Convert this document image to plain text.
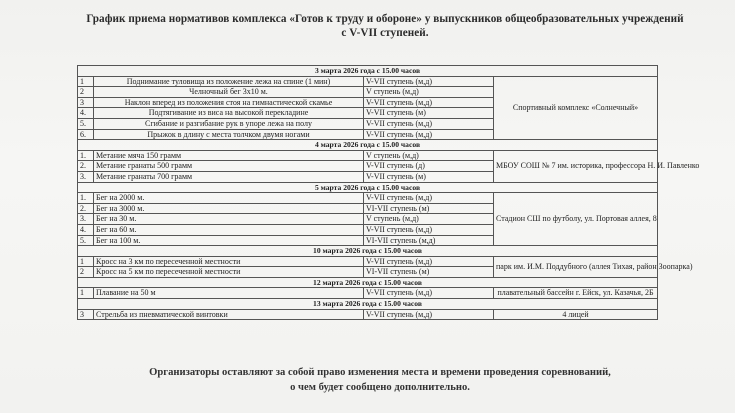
График приема нормативов комплекса «Готов к труду и обороне» у выпускников общеобразовательных учреждений
с V-VII ступеней.
3 марта 2026 года с 15.00 часов			
1	Поднимание туловища из положение лежа на спине (1 мин)	V-VII ступень (м,д)	Спортивный комплекс «Солнечный»
2	Челночный бег 3х10 м.	V ступень (м,д)	
3	Наклон вперед из положения стоя на гимнастической скамье	V-VII ступень (м,д)	
4.	Подтягивание из виса на высокой перекладине	V-VII ступень (м)	
5.	Сгибание и разгибание рук в упоре лежа на полу	V-VII ступень (м,д)	
6.	Прыжок в длину с места толчком двумя ногами	V-VII ступень (м,д)	
4 марта 2026 года с 15.00 часов			
1.	Метание мяча 150 грамм	V ступень (м,д)	МБОУ СОШ № 7 им. историка, профессора Н. И. Павленко
2.	Метание гранаты 500 грамм	V-VII ступень (д)	
3.	Метание гранаты 700 грамм	V-VII ступень (м)	
5 марта 2026 года с 15.00 часов			
1.	Бег на 2000 м.	V-VII ступень (м,д)	Стадион СШ по футболу, ул. Портовая аллея, 8
2.	Бег на 3000 м.	VI-VII ступень (м)	
3.	Бег на 30 м.	V ступень (м,д)	
4.	Бег на 60 м.	V-VII ступень (м,д)	
5.	Бег на 100 м.	VI-VII ступень (м,д)	
10 марта 2026 года с 15.00 часов			
1	Кросс на 3 км по пересеченной местности	V-VII ступень (м,д)	парк им. И.М. Поддубного (аллея Тихая, район Зоопарка)
2	Кросс на 5 км по пересеченной местности	VI-VII ступень (м)	
12 марта 2026 года с 15.00 часов			
1	Плавание на 50 м	V-VII ступень (м,д)	плавательный бассейн г. Ейск, ул. Казачья, 2Б
13 марта 2026 года с 15.00 часов			
3	Стрельба из пневматической винтовки	V-VII ступень (м,д)	4 лицей
Организаторы оставляют за собой право изменения места и времени проведения соревнований,
о чем будет сообщено дополнительно.
